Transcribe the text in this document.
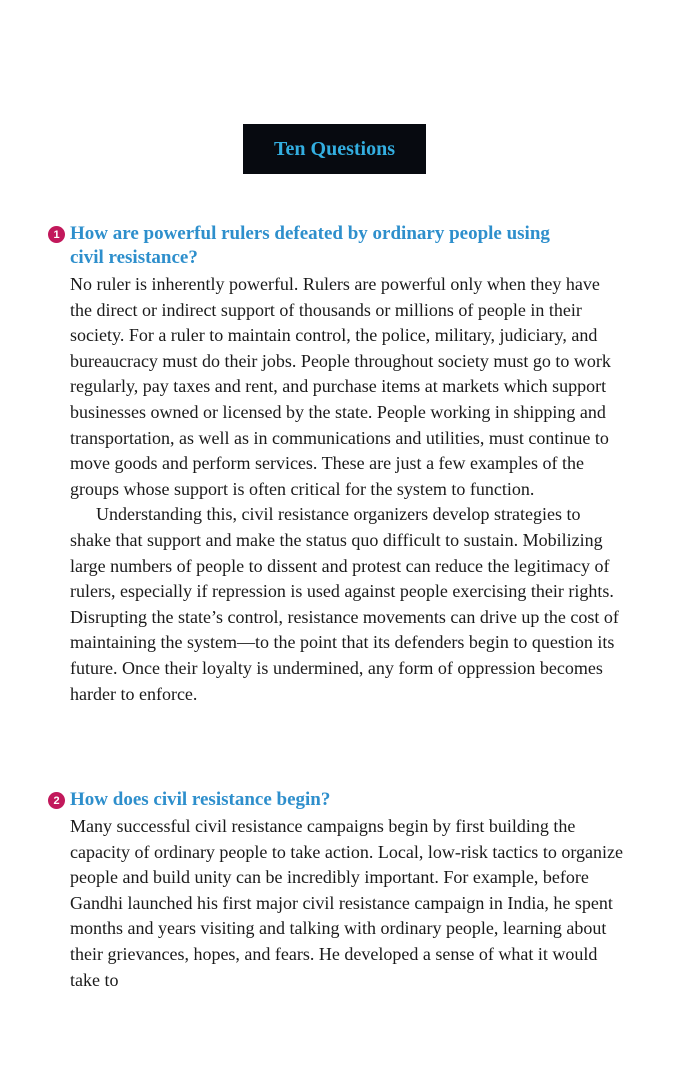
Ten Questions
1 How are powerful rulers defeated by ordinary people using civil resistance?

No ruler is inherently powerful. Rulers are powerful only when they have the direct or indirect support of thousands or millions of people in their society. For a ruler to maintain control, the police, military, judiciary, and bureaucracy must do their jobs. People throughout society must go to work regularly, pay taxes and rent, and purchase items at markets which support businesses owned or licensed by the state. People working in shipping and transportation, as well as in communications and utilities, must continue to move goods and perform services. These are just a few examples of the groups whose support is often critical for the system to function.

Understanding this, civil resistance organizers develop strategies to shake that support and make the status quo difficult to sustain. Mobilizing large numbers of people to dissent and protest can reduce the legitimacy of rulers, especially if repression is used against people exercising their rights. Disrupting the state’s control, resistance movements can drive up the cost of maintaining the system—to the point that its defenders begin to question its future. Once their loyalty is undermined, any form of oppression becomes harder to enforce.

2 How does civil resistance begin?

Many successful civil resistance campaigns begin by first building the capacity of ordinary people to take action. Local, low-risk tactics to organize people and build unity can be incredibly important. For example, before Gandhi launched his first major civil resistance campaign in India, he spent months and years visiting and talking with ordinary people, learning about their grievances, hopes, and fears. He developed a sense of what it would take to
